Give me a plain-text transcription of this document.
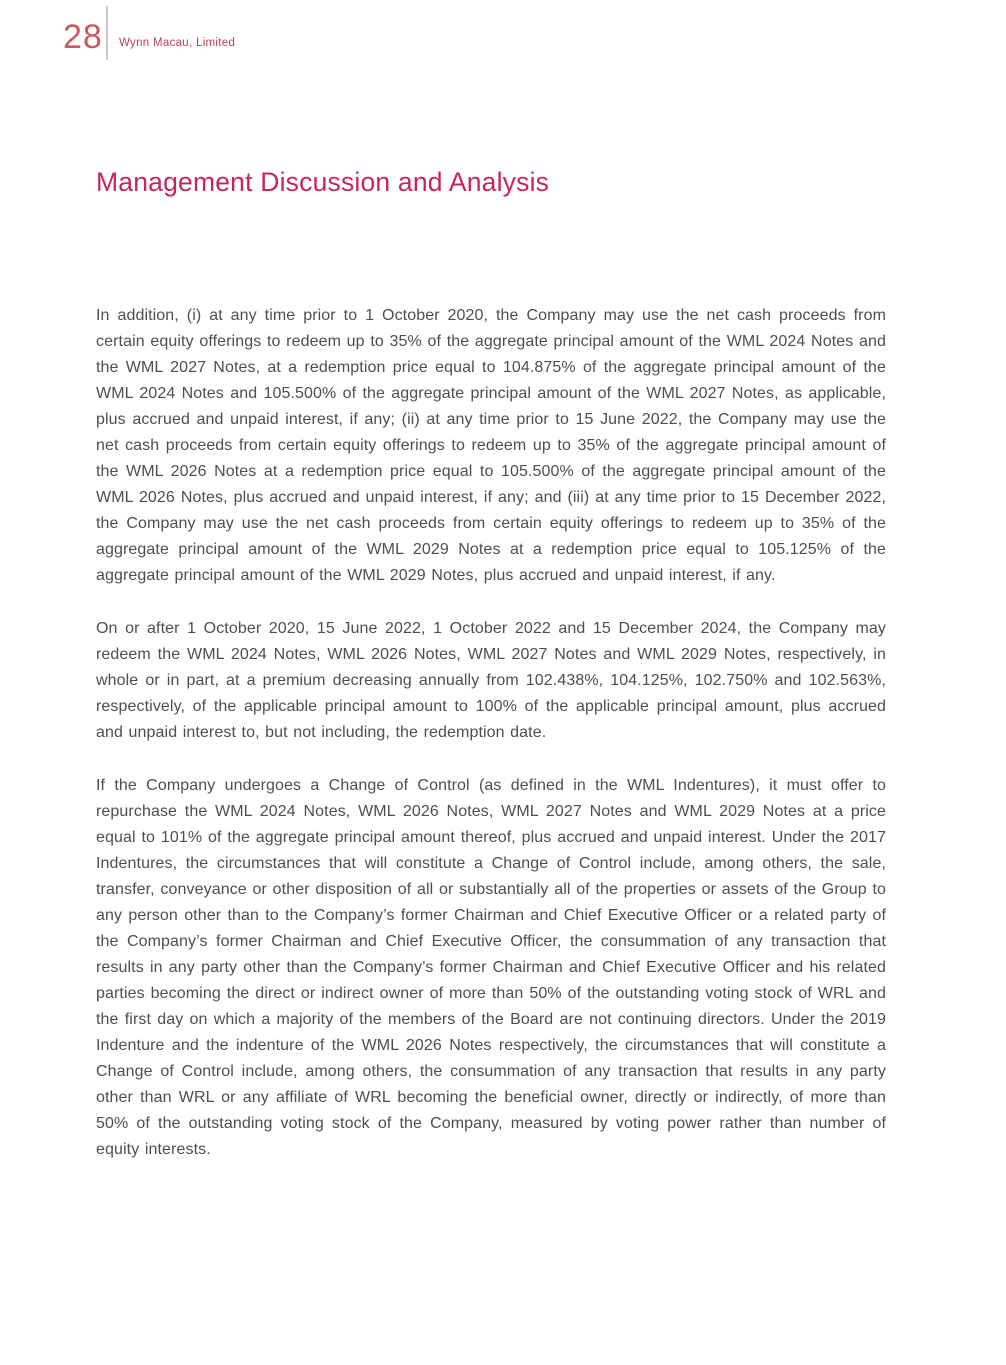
28 Wynn Macau, Limited
Management Discussion and Analysis

In addition, (i) at any time prior to 1 October 2020, the Company may use the net cash proceeds from certain equity offerings to redeem up to 35% of the aggregate principal amount of the WML 2024 Notes and the WML 2027 Notes, at a redemption price equal to 104.875% of the aggregate principal amount of the WML 2024 Notes and 105.500% of the aggregate principal amount of the WML 2027 Notes, as applicable, plus accrued and unpaid interest, if any; (ii) at any time prior to 15 June 2022, the Company may use the net cash proceeds from certain equity offerings to redeem up to 35% of the aggregate principal amount of the WML 2026 Notes at a redemption price equal to 105.500% of the aggregate principal amount of the WML 2026 Notes, plus accrued and unpaid interest, if any; and (iii) at any time prior to 15 December 2022, the Company may use the net cash proceeds from certain equity offerings to redeem up to 35% of the aggregate principal amount of the WML 2029 Notes at a redemption price equal to 105.125% of the aggregate principal amount of the WML 2029 Notes, plus accrued and unpaid interest, if any.

On or after 1 October 2020, 15 June 2022, 1 October 2022 and 15 December 2024, the Company may redeem the WML 2024 Notes, WML 2026 Notes, WML 2027 Notes and WML 2029 Notes, respectively, in whole or in part, at a premium decreasing annually from 102.438%, 104.125%, 102.750% and 102.563%, respectively, of the applicable principal amount to 100% of the applicable principal amount, plus accrued and unpaid interest to, but not including, the redemption date.

If the Company undergoes a Change of Control (as defined in the WML Indentures), it must offer to repurchase the WML 2024 Notes, WML 2026 Notes, WML 2027 Notes and WML 2029 Notes at a price equal to 101% of the aggregate principal amount thereof, plus accrued and unpaid interest. Under the 2017 Indentures, the circumstances that will constitute a Change of Control include, among others, the sale, transfer, conveyance or other disposition of all or substantially all of the properties or assets of the Group to any person other than to the Company’s former Chairman and Chief Executive Officer or a related party of the Company’s former Chairman and Chief Executive Officer, the consummation of any transaction that results in any party other than the Company’s former Chairman and Chief Executive Officer and his related parties becoming the direct or indirect owner of more than 50% of the outstanding voting stock of WRL and the first day on which a majority of the members of the Board are not continuing directors. Under the 2019 Indenture and the indenture of the WML 2026 Notes respectively, the circumstances that will constitute a Change of Control include, among others, the consummation of any transaction that results in any party other than WRL or any affiliate of WRL becoming the beneficial owner, directly or indirectly, of more than 50% of the outstanding voting stock of the Company, measured by voting power rather than number of equity interests.
